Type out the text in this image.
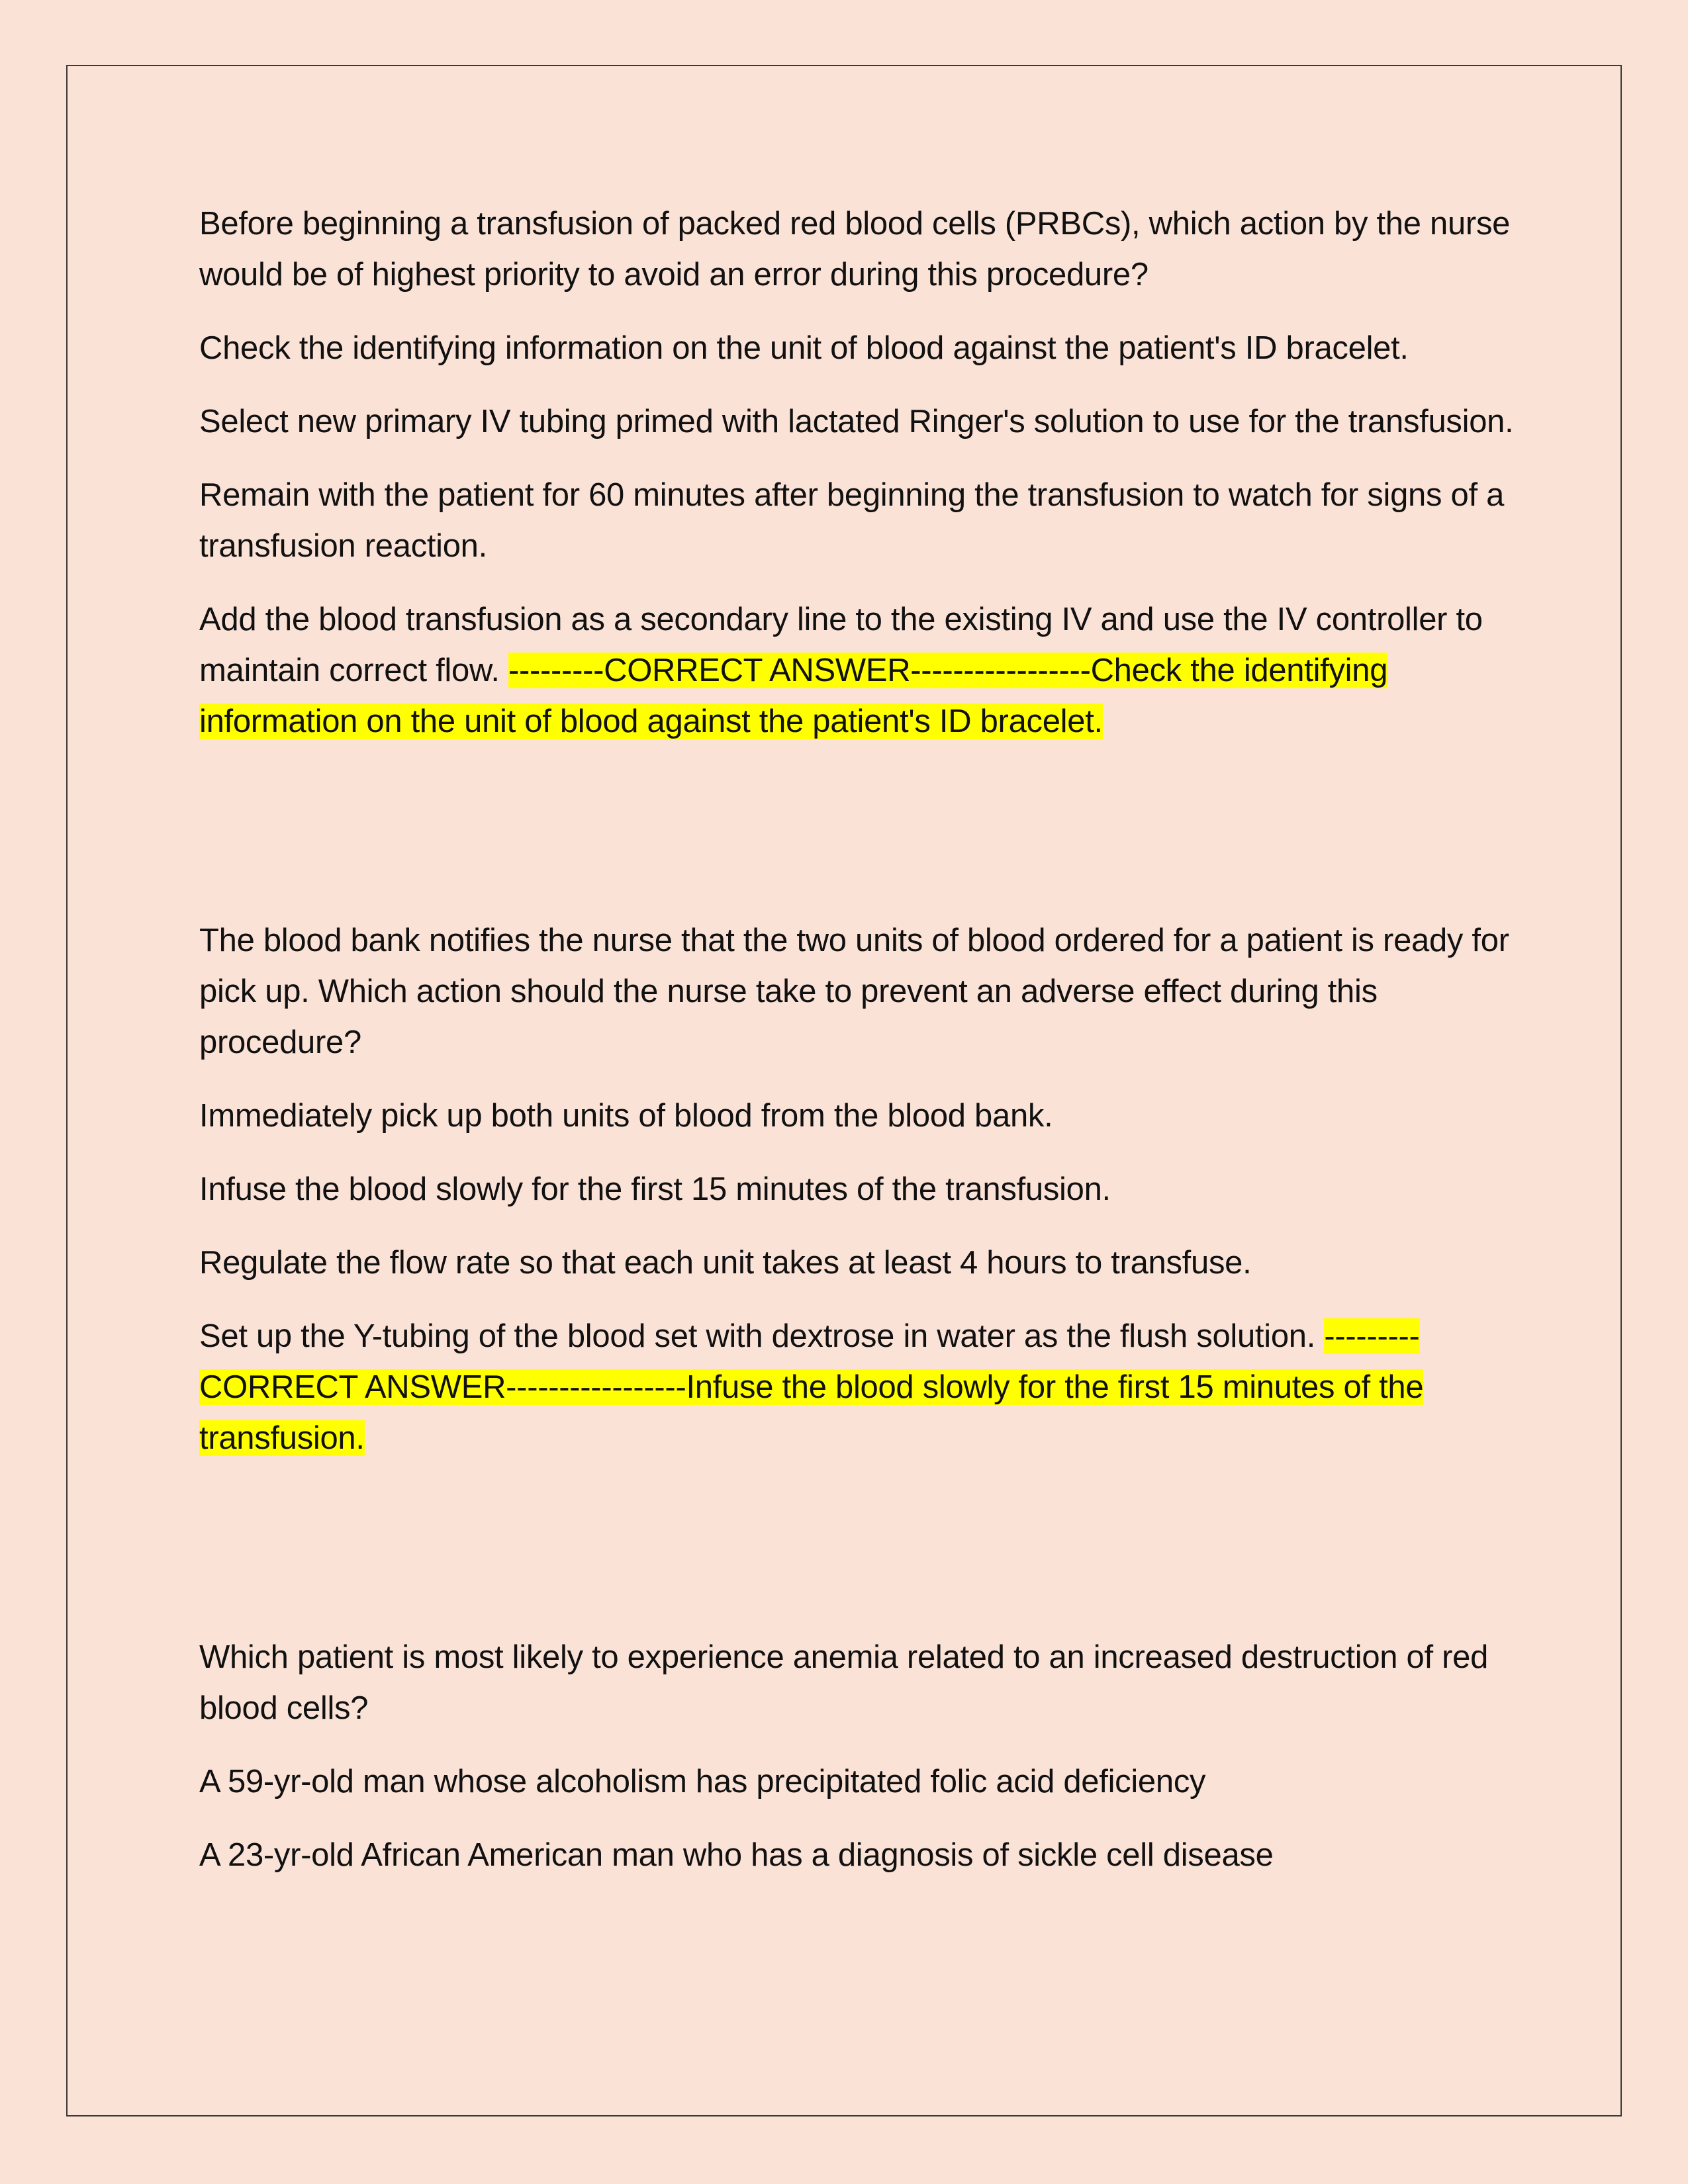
Before beginning a transfusion of packed red blood cells (PRBCs), which action by the nurse would be of highest priority to avoid an error during this procedure?

Check the identifying information on the unit of blood against the patient's ID bracelet.

Select new primary IV tubing primed with lactated Ringer's solution to use for the transfusion.

Remain with the patient for 60 minutes after beginning the transfusion to watch for signs of a transfusion reaction.

Add the blood transfusion as a secondary line to the existing IV and use the IV controller to maintain correct flow. ---------CORRECT ANSWER-----------------Check the identifying information on the unit of blood against the patient's ID bracelet.

The blood bank notifies the nurse that the two units of blood ordered for a patient is ready for pick up. Which action should the nurse take to prevent an adverse effect during this procedure?

Immediately pick up both units of blood from the blood bank.

Infuse the blood slowly for the first 15 minutes of the transfusion.

Regulate the flow rate so that each unit takes at least 4 hours to transfuse.

Set up the Y-tubing of the blood set with dextrose in water as the flush solution. ---------CORRECT ANSWER-----------------Infuse the blood slowly for the first 15 minutes of the transfusion.

Which patient is most likely to experience anemia related to an increased destruction of red blood cells?

A 59-yr-old man whose alcoholism has precipitated folic acid deficiency

A 23-yr-old African American man who has a diagnosis of sickle cell disease
